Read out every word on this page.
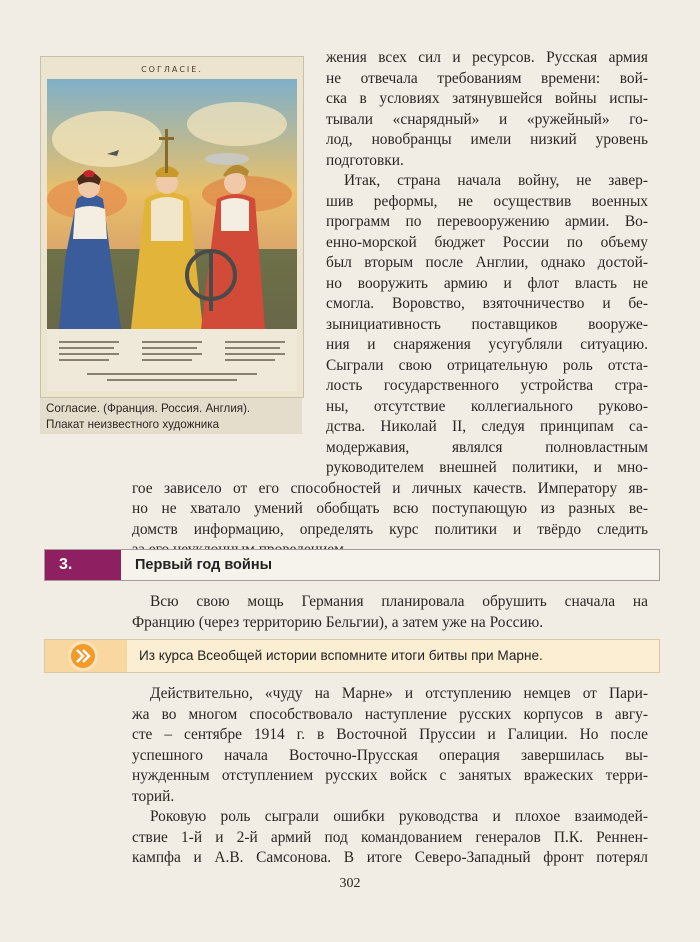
СОГЛАСІЕ.
Согласие. (Франция. Россия. Англия).
Плакат неизвестного художника
жения всех сил и ресурсов. Русская армия
не отвечала требованиям времени: вой-
ска в условиях затянувшейся войны испы-
тывали «снарядный» и «ружейный» го-
лод, новобранцы имели низкий уровень
подготовки.
Итак, страна начала войну, не завер-
шив реформы, не осуществив военных
программ по перевооружению армии. Во-
енно-морской бюджет России по объему
был вторым после Англии, однако достой-
но вооружить армию и флот власть не
смогла. Воровство, взяточничество и бе-
зынициативность поставщиков вооруже-
ния и снаряжения усугубляли ситуацию.
Сыграли свою отрицательную роль отста-
лость государственного устройства стра-
ны, отсутствие коллегиального руково-
дства. Николай II, следуя принципам са-
модержавия, являлся полновластным
руководителем внешней политики, и мно-
гое зависело от его способностей и личных качеств. Императору яв-
но не хватало умений обобщать всю поступающую из разных ве-
домств информацию, определять курс политики и твёрдо следить
3.	Первый год войны
Всю свою мощь Германия планировала обрушить сначала на
Францию (через территорию Бельгии), а затем уже на Россию.
Из курса Всеобщей истории вспомните итоги битвы при Марне.
Действительно, «чуду на Марне» и отступлению немцев от Пари-
жа во многом способствовало наступление русских корпусов в авгу-
сте – сентябре 1914 г. в Восточной Пруссии и Галиции. Но после
успешного начала Восточно-Прусская операция завершилась вы-
нужденным отступлением русских войск с занятых вражеских терри-
торий.
Роковую роль сыграли ошибки руководства и плохое взаимодей-
ствие 1-й и 2-й армий под командованием генералов П.К. Реннен-
кампфа и А.В. Самсонова. В итоге Северо-Западный фронт потерял
302
